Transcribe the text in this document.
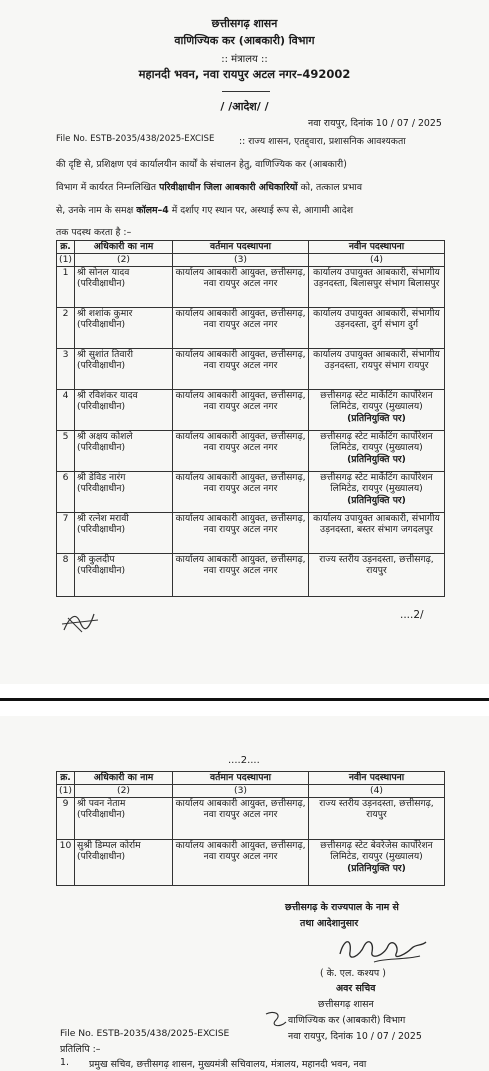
छत्तीसगढ़ शासन
वाणिज्यिक कर (आबकारी) विभाग
:: मंत्रालय ::
महानदी भवन, नवा रायपुर अटल नगर–492002
/ /आदेश/ /
नवा रायपुर, दिनांक 10 / 07 / 2025
File No. ESTB-2035/438/2025-EXCISE	:: राज्य शासन, एतद्द्वारा, प्रशासनिक आवश्यकता
की दृष्टि से, प्रशिक्षण एवं कार्यालयीन कार्यों के संचालन हेतु, वाणिज्यिक कर (आबकारी)
विभाग में कार्यरत निम्नलिखित परिवीक्षाधीन जिला आबकारी अधिकारियों को, तत्काल प्रभाव
से, उनके नाम के समक्ष कॉलम–4 में दर्शाए गए स्थान पर, अस्थाई रूप से, आगामी आदेश
तक पदस्थ करता है :–
क्र.	अधिकारी का नाम	वर्तमान पदस्थापना	नवीन पदस्थापना
(1)	(2)	(3)	(4)
1	श्री सोनल यादव
(परिवीक्षाधीन)	कार्यालय आबकारी आयुक्त, छत्तीसगढ़, नवा रायपुर अटल नगर	कार्यालय उपायुक्त आबकारी, संभागीय उड़नदस्ता, बिलासपुर संभाग बिलासपुर
2	श्री शशांक कुमार
(परिवीक्षाधीन)	कार्यालय आबकारी आयुक्त, छत्तीसगढ़, नवा रायपुर अटल नगर	कार्यालय उपायुक्त आबकारी, संभागीय उड़नदस्ता, दुर्ग संभाग दुर्ग
3	श्री सुशांत तिवारी
(परिवीक्षाधीन)	कार्यालय आबकारी आयुक्त, छत्तीसगढ़, नवा रायपुर अटल नगर	कार्यालय उपायुक्त आबकारी, संभागीय उड़नदस्ता, रायपुर संभाग रायपुर
4	श्री रविशंकर यादव
(परिवीक्षाधीन)	कार्यालय आबकारी आयुक्त, छत्तीसगढ़, नवा रायपुर अटल नगर	छत्तीसगढ़ स्टेट मार्केटिंग कार्पोरेशन लिमिटेड, रायपुर (मुख्यालय) (प्रतिनियुक्ति पर)
5	श्री अक्षय कोशले
(परिवीक्षाधीन)	कार्यालय आबकारी आयुक्त, छत्तीसगढ़, नवा रायपुर अटल नगर	छत्तीसगढ़ स्टेट मार्केटिंग कार्पोरेशन लिमिटेड, रायपुर (मुख्यालय) (प्रतिनियुक्ति पर)
6	श्री डेविड नारंग
(परिवीक्षाधीन)	कार्यालय आबकारी आयुक्त, छत्तीसगढ़, नवा रायपुर अटल नगर	छत्तीसगढ़ स्टेट मार्केटिंग कार्पोरेशन लिमिटेड, रायपुर (मुख्यालय) (प्रतिनियुक्ति पर)
7	श्री रत्नेश मरावी
(परिवीक्षाधीन)	कार्यालय आबकारी आयुक्त, छत्तीसगढ़, नवा रायपुर अटल नगर	कार्यालय उपायुक्त आबकारी, संभागीय उड़नदस्ता, बस्तर संभाग जगदलपुर
8	श्री कुलदीप
(परिवीक्षाधीन)	कार्यालय आबकारी आयुक्त, छत्तीसगढ़, नवा रायपुर अटल नगर	राज्य स्तरीय उड़नदस्ता, छत्तीसगढ़, रायपुर
....2/
....2....
क्र.	अधिकारी का नाम	वर्तमान पदस्थापना	नवीन पदस्थापना
(1)	(2)	(3)	(4)
9	श्री पवन नेताम
(परिवीक्षाधीन)	कार्यालय आबकारी आयुक्त, छत्तीसगढ़, नवा रायपुर अटल नगर	राज्य स्तरीय उड़नदस्ता, छत्तीसगढ़, रायपुर
10	सुश्री डिम्पल कोर्राम
(परिवीक्षाधीन)	कार्यालय आबकारी आयुक्त, छत्तीसगढ़, नवा रायपुर अटल नगर	छत्तीसगढ़ स्टेट बेवरेजेस कार्पोरेशन लिमिटेड, रायपुर (मुख्यालय) (प्रतिनियुक्ति पर)
छत्तीसगढ़ के राज्यपाल के नाम से
तथा आदेशानुसार
( के. एल. कश्यप )
अवर सचिव
छत्तीसगढ़ शासन
वाणिज्यिक कर (आबकारी) विभाग
नवा रायपुर, दिनांक 10 / 07 / 2025
File No. ESTB-2035/438/2025-EXCISE
प्रतिलिपि :–
1. प्रमुख सचिव, छत्तीसगढ़ शासन, मुख्यमंत्री सचिवालय, मंत्रालय, महानदी भवन, नवा
